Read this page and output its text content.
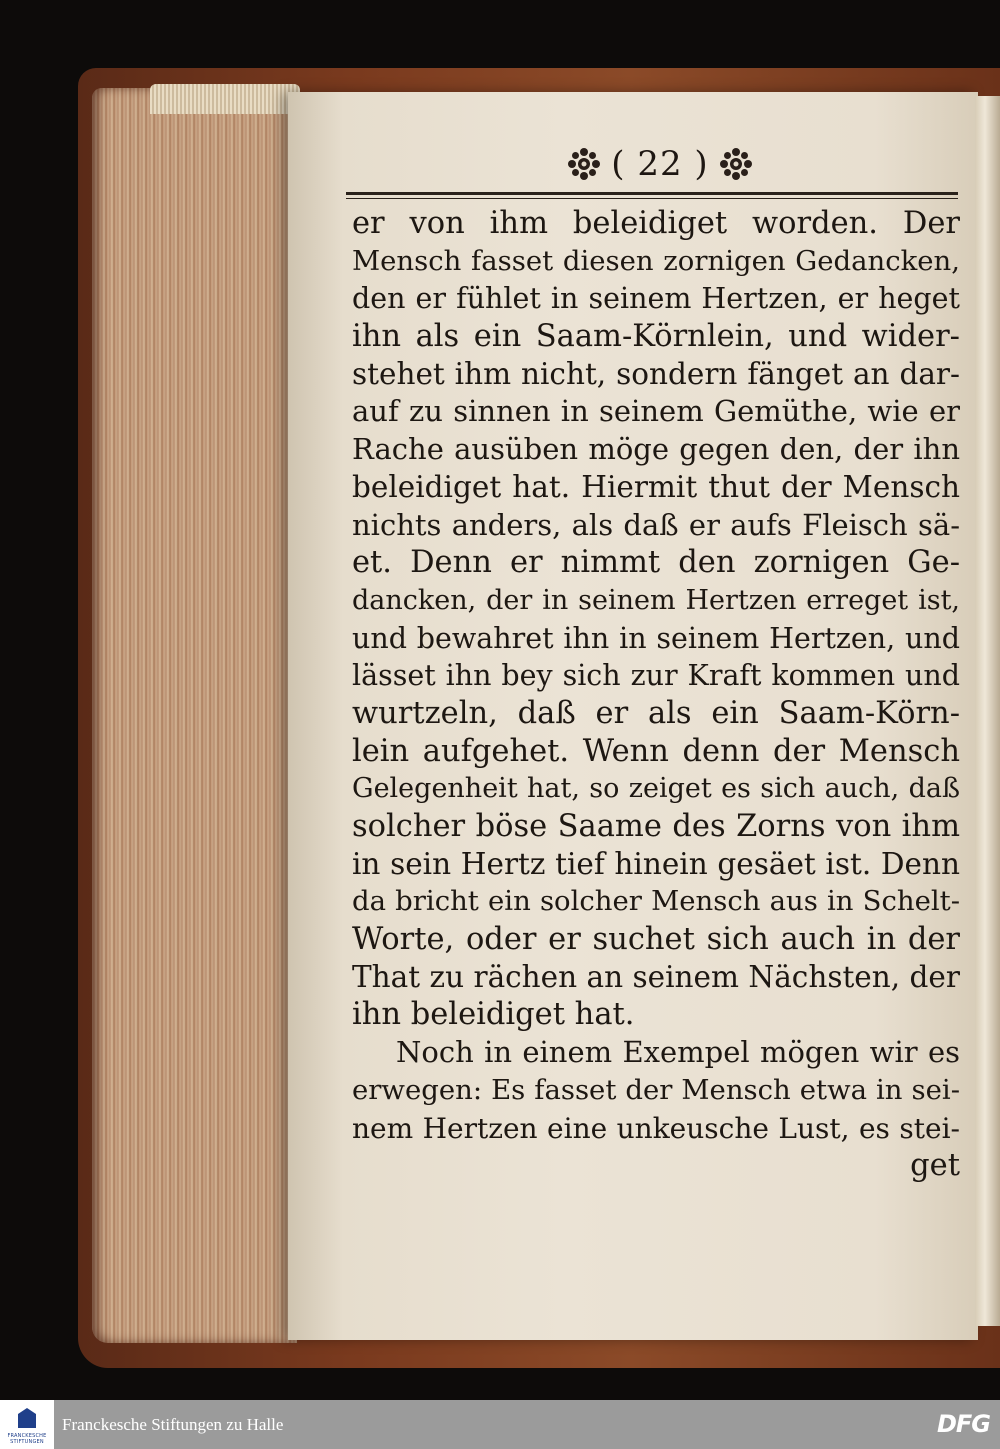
( 22 )
er von ihm beleidiget worden. Der
Mensch fasset diesen zornigen Gedancken,
den er fühlet in seinem Hertzen, er heget
ihn als ein Saam-Körnlein, und wider-
stehet ihm nicht, sondern fänget an dar-
auf zu sinnen in seinem Gemüthe, wie er
Rache ausüben möge gegen den, der ihn
beleidiget hat. Hiermit thut der Mensch
nichts anders, als daß er aufs Fleisch sä-
et. Denn er nimmt den zornigen Ge-
dancken, der in seinem Hertzen erreget ist,
und bewahret ihn in seinem Hertzen, und
lässet ihn bey sich zur Kraft kommen und
wurtzeln, daß er als ein Saam-Körn-
lein aufgehet. Wenn denn der Mensch
Gelegenheit hat, so zeiget es sich auch, daß
solcher böse Saame des Zorns von ihm
in sein Hertz tief hinein gesäet ist. Denn
da bricht ein solcher Mensch aus in Schelt-
Worte, oder er suchet sich auch in der
That zu rächen an seinem Nächsten, der
ihn beleidiget hat.
Noch in einem Exempel mögen wir es
erwegen: Es fasset der Mensch etwa in sei-
nem Hertzen eine unkeusche Lust, es stei-
get
FRANCKESCHE STIFTUNGEN
Franckesche Stiftungen zu Halle	DFG
